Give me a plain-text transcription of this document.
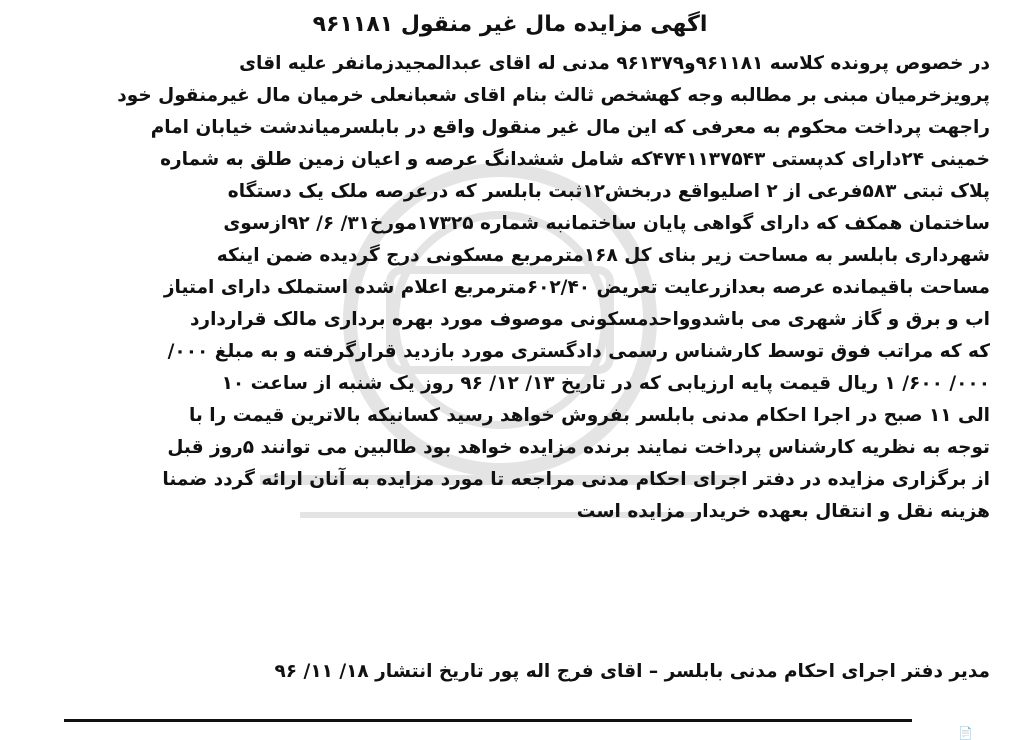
اگهی مزایده مال غیر منقول ۹۶۱۱۸۱
در خصوص پرونده کلاسه ۹۶۱۱۸۱و۹۶۱۳۷۹ مدنی له اقای عبدالمجیدزمانفر علیه اقای
پرویزخرمیان مبنی بر مطالبه وجه کهشخص ثالث بنام اقای شعبانعلی خرمیان مال غیرمنقول خود
راجهت پرداخت محکوم به معرفی که این مال غیر منقول واقع در بابلسرمیاندشت خیابان امام
خمینی ۲۴دارای کدپستی ۴۷۴۱۱۳۷۵۴۳که شامل ششدانگ عرصه و اعیان زمین طلق به شماره
پلاک ثبتی ۵۸۳فرعی از ۲ اصلیواقع دربخش۱۲ثبت بابلسر که درعرصه ملک یک دستگاه
ساختمان همکف که دارای گواهی پایان ساختمانبه شماره ۱۷۳۲۵مورخ۳۱/ ۶/ ۹۲ازسوی
شهرداری بابلسر به مساحت زیر بنای کل ۱۶۸مترمربع مسکونی درج گردیده ضمن اینکه
مساحت باقیمانده عرصه بعدازرعایت تعریض ۶۰۲/۴۰مترمربع اعلام شده استملک دارای امتیاز
اب و برق و گاز شهری می باشدوواحدمسکونی موصوف مورد بهره برداری مالک قراردارد
که که مراتب فوق توسط کارشناس رسمی دادگستری مورد بازدید قرارگرفته و به مبلغ ۰۰۰/
۰۰۰/ ۶۰۰/ ۱ ریال قیمت پایه ارزیابی که در تاریخ ۱۳/ ۱۲/ ۹۶ روز یک شنبه از ساعت ۱۰
الی ۱۱ صبح در اجرا احکام مدنی بابلسر بفروش خواهد رسید کسانیکه بالاترین قیمت را با
توجه به نظریه کارشناس پرداخت نمایند برنده مزایده خواهد بود طالبین می توانند ۵روز قبل
از برگزاری مزایده در دفتر اجرای احکام مدنی مراجعه تا مورد مزایده به آنان ارائه گردد ضمنا
هزینه نقل و انتقال بعهده خریدار مزایده است
مدیر دفتر اجرای احکام مدنی بابلسر – اقای فرج اله پور تاریخ انتشار ۱۸/ ۱۱/ ۹۶
📄
